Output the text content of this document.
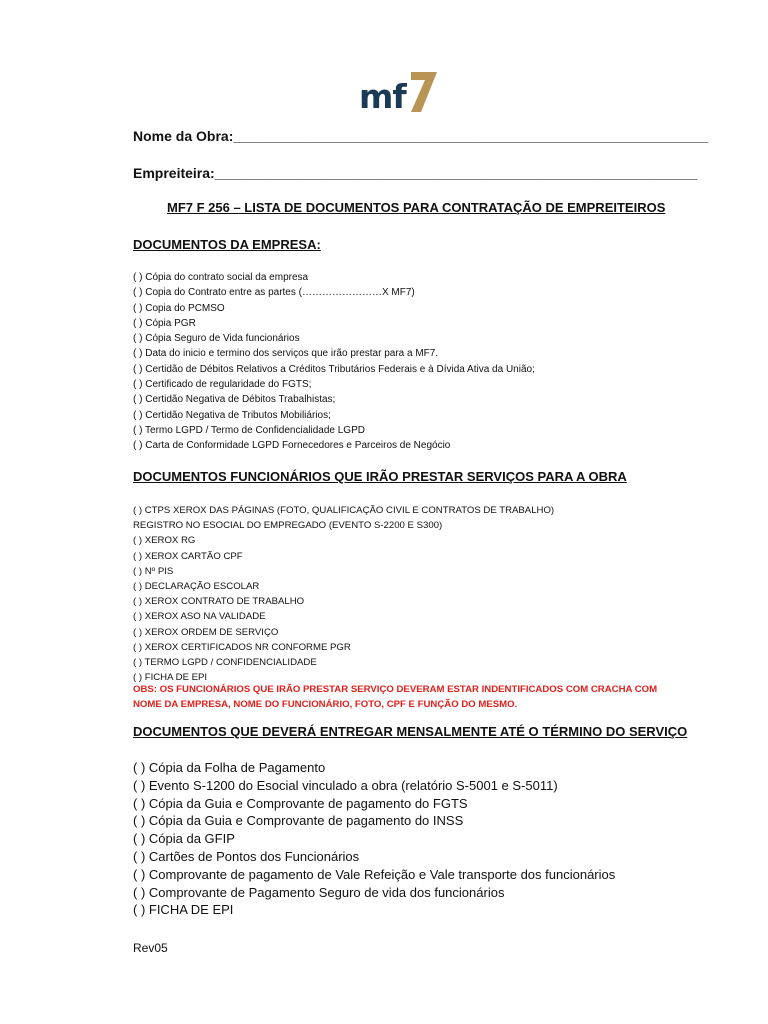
mf
Nome da Obra:_____________________________________________________________
Empreiteira:______________________________________________________________
MF7 F 256 – LISTA DE DOCUMENTOS PARA CONTRATAÇÃO DE EMPREITEIROS
DOCUMENTOS DA EMPRESA:
( ) Cópia do contrato social da empresa
( ) Copia do Contrato entre as partes (……………………X MF7)
( ) Copia do PCMSO
( ) Cópia PGR
( ) Cópia Seguro de Vida funcionários
( ) Data do inicio e termino dos serviços que irão prestar para a MF7.
( ) Certidão de Débitos Relativos a Créditos Tributários Federais e à Dívida Ativa da União;
( ) Certificado de regularidade do FGTS;
( ) Certidão Negativa de Débitos Trabalhistas;
( ) Certidão Negativa de Tributos Mobiliários;
( ) Termo LGPD / Termo de Confidencialidade LGPD
( ) Carta de Conformidade LGPD Fornecedores e Parceiros de Negócio
DOCUMENTOS FUNCIONÁRIOS QUE IRÃO PRESTAR SERVIÇOS PARA A OBRA
( ) CTPS XEROX DAS PÁGINAS (FOTO, QUALIFICAÇÃO CIVIL E CONTRATOS DE TRABALHO)
REGISTRO NO ESOCIAL DO EMPREGADO (EVENTO S-2200 E S300)
( ) XEROX RG
( ) XEROX CARTÃO CPF
( ) Nº PIS
( ) DECLARAÇÃO ESCOLAR
( ) XEROX CONTRATO DE TRABALHO
( ) XEROX ASO NA VALIDADE
( ) XEROX ORDEM DE SERVIÇO
( ) XEROX CERTIFICADOS NR CONFORME PGR
( ) TERMO LGPD / CONFIDENCIALIDADE
( ) FICHA DE EPI
OBS: OS FUNCIONÁRIOS QUE IRÃO PRESTAR SERVIÇO DEVERAM ESTAR INDENTIFICADOS COM CRACHA COM
NOME DA EMPRESA, NOME DO FUNCIONÁRIO, FOTO, CPF E FUNÇÃO DO MESMO.
DOCUMENTOS QUE DEVERÁ ENTREGAR MENSALMENTE ATÉ O TÉRMINO DO SERVIÇO
( ) Cópia da Folha de Pagamento
( ) Evento S-1200 do Esocial vinculado a obra (relatório S-5001 e S-5011)
( ) Cópia da Guia e Comprovante de pagamento do FGTS
( ) Cópia da Guia e Comprovante de pagamento do INSS
( ) Cópia da GFIP
( ) Cartões de Pontos dos Funcionários
( ) Comprovante de pagamento de Vale Refeição e Vale transporte dos funcionários
( ) Comprovante de Pagamento Seguro de vida dos funcionários
( ) FICHA DE EPI
Rev05
